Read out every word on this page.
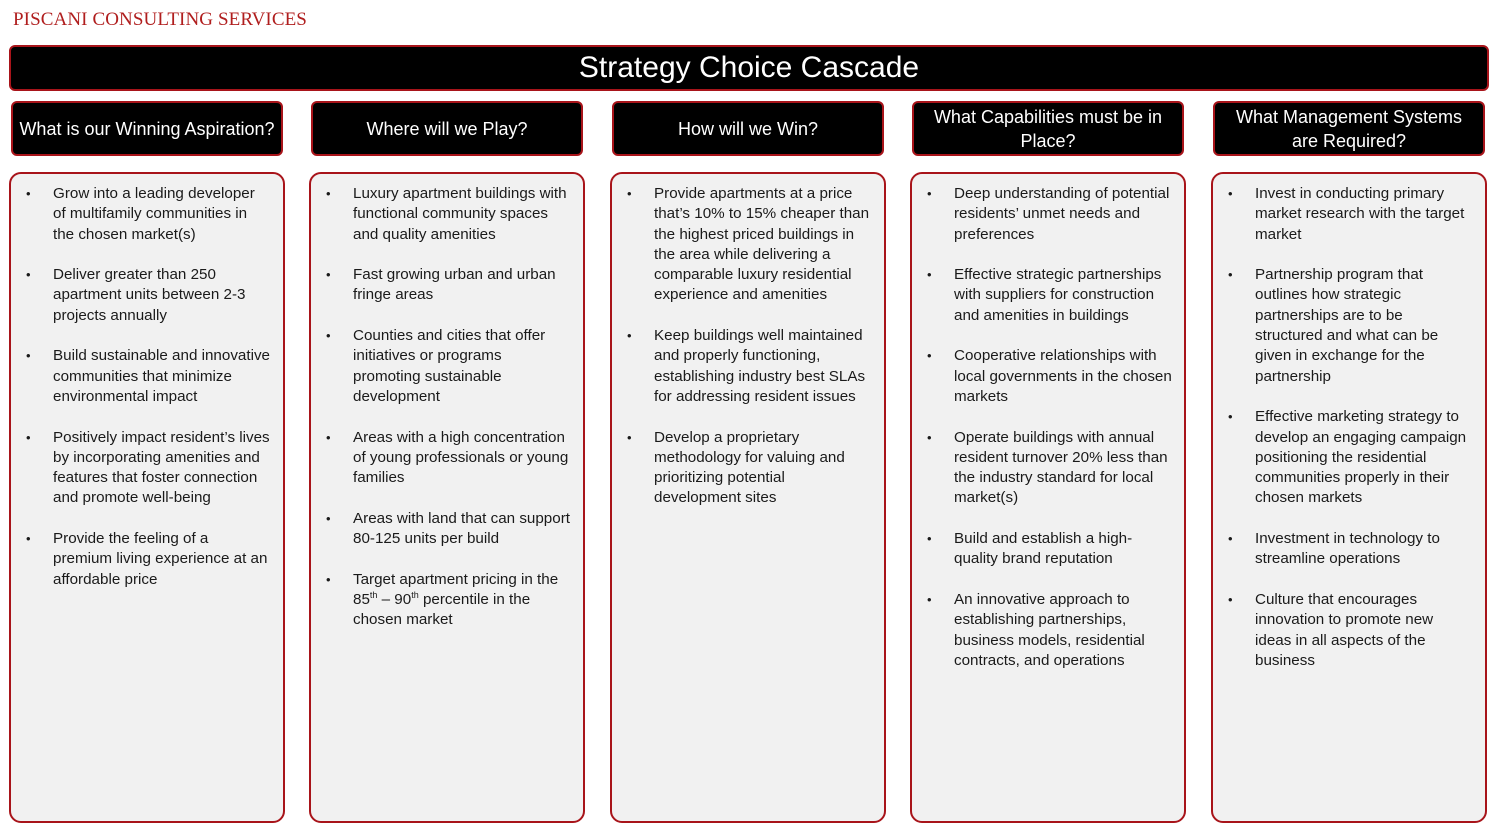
PISCANI CONSULTING SERVICES
Strategy Choice Cascade
What is our Winning Aspiration?	Where will we Play?	How will we Win?
What Capabilities must be in Place?
What Management Systems are Required?
• Grow into a leading developer of multifamily communities in the chosen market(s)
• Deliver greater than 250 apartment units between 2-3 projects annually
• Build sustainable and innovative communities that minimize environmental impact
• Positively impact resident’s lives by incorporating amenities and features that foster connection and promote well-being
• Provide the feeling of a premium living experience at an affordable price
• Luxury apartment buildings with functional community spaces and quality amenities
• Fast growing urban and urban fringe areas
• Counties and cities that offer initiatives or programs promoting sustainable development
• Areas with a high concentration of young professionals or young families
• Areas with land that can support 80-125 units per build
• Target apartment pricing in the 85th – 90th percentile in the chosen market
• Provide apartments at a price that’s 10% to 15% cheaper than the highest priced buildings in the area while delivering a comparable luxury residential experience and amenities
• Keep buildings well maintained and properly functioning, establishing industry best SLAs for addressing resident issues
• Develop a proprietary methodology for valuing and prioritizing potential development sites
• Deep understanding of potential residents’ unmet needs and preferences
• Effective strategic partnerships with suppliers for construction and amenities in buildings
• Cooperative relationships with local governments in the chosen markets
• Operate buildings with annual resident turnover 20% less than the industry standard for local market(s)
• Build and establish a high-quality brand reputation
• An innovative approach to establishing partnerships, business models, residential contracts, and operations
• Invest in conducting primary market research with the target market
• Partnership program that outlines how strategic partnerships are to be structured and what can be given in exchange for the partnership
• Effective marketing strategy to develop an engaging campaign positioning the residential communities properly in their chosen markets
• Investment in technology to streamline operations
• Culture that encourages innovation to promote new ideas in all aspects of the business
